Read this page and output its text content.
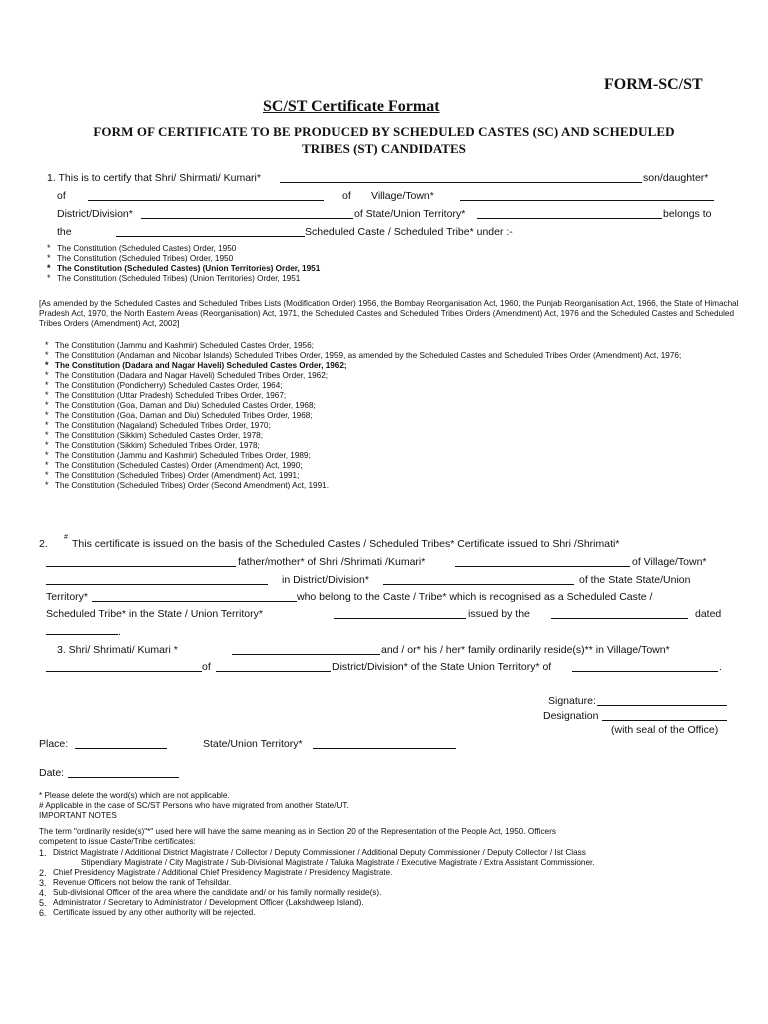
FORM-SC/ST
SC/ST Certificate Format
FORM OF CERTIFICATE TO BE PRODUCED BY SCHEDULED CASTES (SC) AND SCHEDULED
TRIBES (ST) CANDIDATES
1. This is to certify that Shri/ Shirmati/ Kumari*	son/daughter*
of	of Village/Town*
District/Division*	of State/Union Territory*	belongs to
the	Scheduled Caste / Scheduled Tribe* under :-
* The Constitution (Scheduled Castes) Order, 1950
* The Constitution (Scheduled Tribes) Order, 1950
* The Constitution (Scheduled Castes) (Union Territories) Order, 1951
* The Constitution (Scheduled Tribes) (Union Territories) Order, 1951
[As amended by the Scheduled Castes and Scheduled Tribes Lists (Modification Order) 1956, the Bombay Reorganisation Act, 1960, the Punjab Reorganisation Act, 1966, the State of Himachal Pradesh Act, 1970, the North Eastern Areas (Reorganisation) Act, 1971, the Scheduled Castes and Scheduled Tribes Orders (Amendment) Act, 1976 and the Scheduled Castes and Scheduled Tribes Orders (Amendment) Act, 2002]
* The Constitution (Jammu and Kashmir) Scheduled Castes Order, 1956;
* The Constitution (Andaman and Nicobar Islands) Scheduled Tribes Order, 1959, as amended by the Scheduled Castes and Scheduled Tribes Order (Amendment) Act, 1976;
* The Constitution (Dadara and Nagar Haveli) Scheduled Castes Order, 1962;
* The Constitution (Dadara and Nagar Haveli) Scheduled Tribes Order, 1962;
* The Constitution (Pondicherry) Scheduled Castes Order, 1964;
* The Constitution (Uttar Pradesh) Scheduled Tribes Order, 1967;
* The Constitution (Goa, Daman and Diu) Scheduled Castes Order, 1968;
* The Constitution (Goa, Daman and Diu) Scheduled Tribes Order, 1968;
* The Constitution (Nagaland) Scheduled Tribes Order, 1970;
* The Constitution (Sikkim) Scheduled Castes Order, 1978;
* The Constitution (Sikkim) Scheduled Tribes Order, 1978;
* The Constitution (Jammu and Kashmir) Scheduled Tribes Order, 1989;
* The Constitution (Scheduled Castes) Order (Amendment) Act, 1990;
* The Constitution (Scheduled Tribes) Order (Amendment) Act, 1991;
* The Constitution (Scheduled Tribes) Order (Second Amendment) Act, 1991.
2.
#
This certificate is issued on the basis of the Scheduled Castes / Scheduled Tribes* Certificate issued to Shri /Shrimati*
father/mother* of Shri /Shrimati /Kumari*	of Village/Town*
in District/Division*	of the State State/Union
Territory*	who belong to the Caste / Tribe* which is recognised as a Scheduled Caste /
Scheduled Tribe* in the State / Union Territory*	issued by the	dated
.
3. Shri/ Shrimati/ Kumari *	and / or* his / her* family ordinarily reside(s)** in Village/Town*
of	District/Division* of the State Union Territory* of	.
Signature:
Designation
(with seal of the Office)
Place:	State/Union Territory*
Date:
* Please delete the word(s) which are not applicable.
# Applicable in the case of SC/ST Persons who have migrated from another State/UT.
IMPORTANT NOTES
The term "ordinarily reside(s)"*" used here will have the same meaning as in Section 20 of the Representation of the People Act, 1950. Officers
competent to issue Caste/Tribe certificates:
1. District Magistrate / Additional District Magistrate / Collector / Deputy Commissioner / Additional Deputy Commissioner / Deputy Collector / Ist Class
Stipendiary Magistrate / City Magistrate / Sub-Divisional Magistrate / Taluka Magistrate / Executive Magistrate / Extra Assistant Commissioner.
2. Chief Presidency Magistrate / Additional Chief Presidency Magistrate / Presidency Magistrate.
3. Revenue Officers not below the rank of Tehsildar.
4. Sub-divisional Officer of the area where the candidate and/ or his family normally reside(s).
5. Administrator / Secretary to Administrator / Development Officer (Lakshdweep Island).
6. Certificate issued by any other authority will be rejected.
